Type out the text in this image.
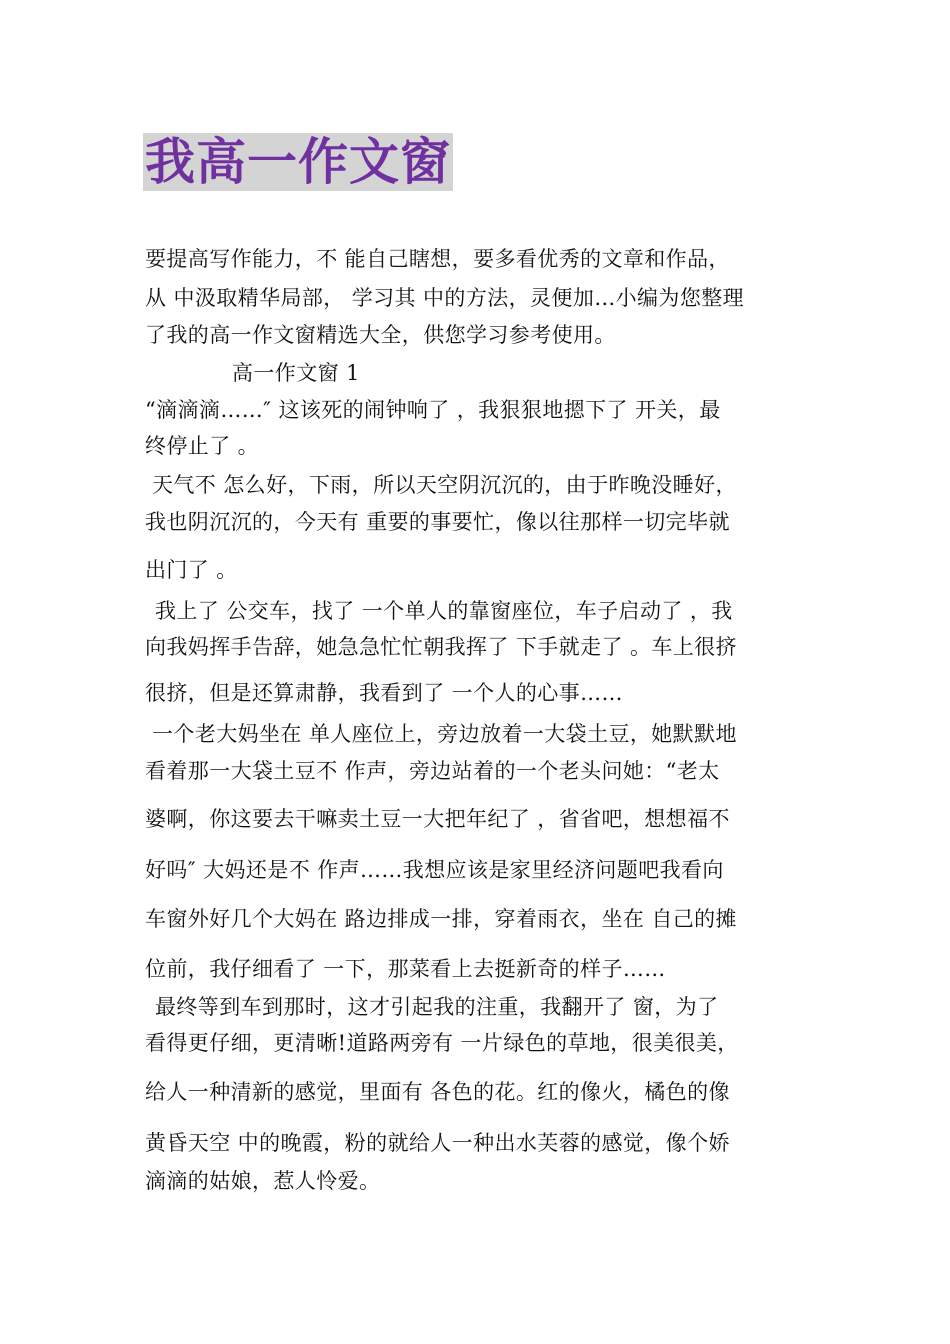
我高一作文窗
要提高写作能力，不 能自己瞎想，要多看优秀的文章和作品，
从 中汲取精华局部， 学习其 中的方法，灵便加…小编为您整理
了我的高一作文窗精选大全，供您学习参考使用。
高一作文窗 1
“滴滴滴……″ 这该死的闹钟响了 ，我狠狠地摁下了 开关，最
终停止了 。
天气不 怎么好，下雨，所以天空阴沉沉的，由于昨晚没睡好，
我也阴沉沉的，今天有 重要的事要忙，像以往那样一切完毕就
出门了 。
我上了 公交车，找了 一个单人的靠窗座位，车子启动了 ，我
向我妈挥手告辞，她急急忙忙朝我挥了 下手就走了 。车上很挤
很挤，但是还算肃静，我看到了 一个人的心事……
一个老大妈坐在 单人座位上，旁边放着一大袋土豆，她默默地
看着那一大袋土豆不 作声，旁边站着的一个老头问她：“老太
婆啊，你这要去干嘛卖土豆一大把年纪了 ，省省吧，想想福不
好吗″ 大妈还是不 作声……我想应该是家里经济问题吧我看向
车窗外好几个大妈在 路边排成一排，穿着雨衣，坐在 自己的摊
位前，我仔细看了 一下，那菜看上去挺新奇的样子……
最终等到车到那时，这才引起我的注重，我翻开了 窗，为了
看得更仔细，更清晰!道路两旁有 一片绿色的草地，很美很美，
给人一种清新的感觉，里面有 各色的花。红的像火，橘色的像
黄昏天空 中的晚霞，粉的就给人一种出水芙蓉的感觉，像个娇
滴滴的姑娘，惹人怜爱。
